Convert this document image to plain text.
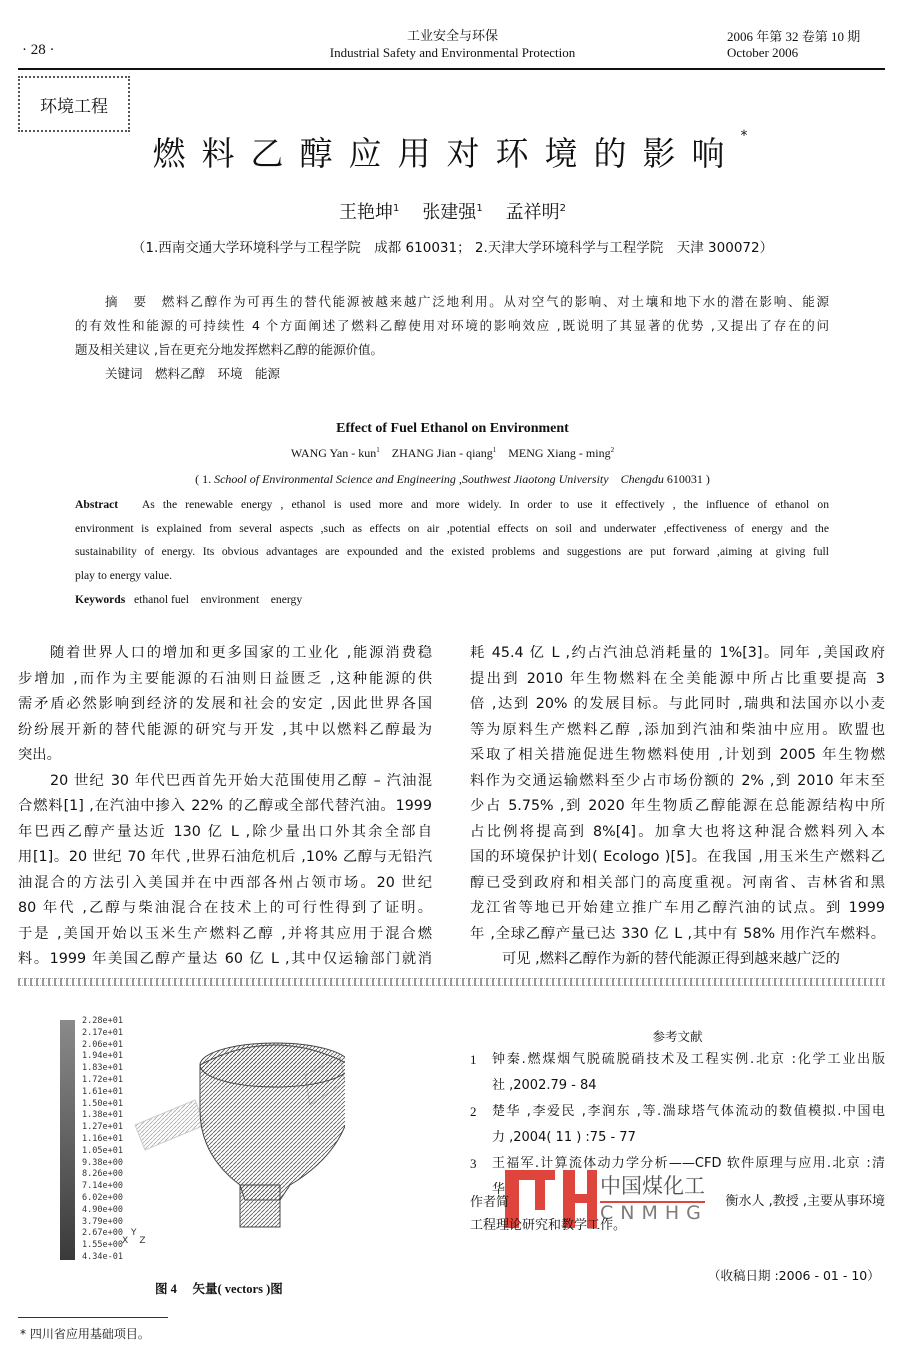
· 28 ·
工业安全与环保
Industrial Safety and Environmental Protection
2006 年第 32 卷第 10 期
October 2006
环境工程
燃料乙醇应用对环境的影响*
王艳坤$^1$ 张建强$^1$ 孟祥明$^2$
（1.西南交通大学环境科学与工程学院　成都 610031； 2.天津大学环境科学与工程学院　天津 300072）
摘　要　 燃料乙醇作为可再生的替代能源被越来越广泛地利用。从对空气的影响、对土壤和地下水的潜在影响、能源
的有效性和能源的可持续性 4 个方面阐述了燃料乙醇使用对环境的影响效应 ,既说明了其显著的优势 ,又提出了存在的问
题及相关建议 ,旨在更充分地发挥燃料乙醇的能源价值。
关键词　 燃料乙醇　环境　能源
Effect of Fuel Ethanol on Environment
WANG Yan - kun$^1$ ZHANG Jian - qiang$^1$ MENG Xiang - ming$^2$
( 1. School of Environmental Science and Engineering ,Southwest Jiaotong University　Chengdu 610031 )
Abstract As the renewable energy , ethanol is used more and more widely. In order to use it effectively , the influence of ethanol on
environment is explained from several aspects ,such as effects on air ,potential effects on soil and underwater ,effectiveness of energy and the
sustainability of energy. Its obvious advantages are expounded and the existed problems and suggestions are put forward ,aiming at giving full
play to energy value.
Keywords ethanol fuel　environment　energy
X Y Z
图 4　 矢量( vectors )图
参考文献
中国煤化工
CNMHG
作者简	衡水人 ,教授 ,主要从事环境
工程理论研究和教学工作。
（收稿日期 :2006 - 01 - 10）
* 四川省应用基础项目。
随着世界人口的增加和更多国家的工业化 ,能源消费稳
步增加 ,而作为主要能源的石油则日益匮乏 ,这种能源的供
需矛盾必然影响到经济的发展和社会的安定 ,因此世界各国
纷纷展开新的替代能源的研究与开发 ,其中以燃料乙醇最为
突出。
20 世纪 30 年代巴西首先开始大范围使用乙醇 – 汽油混
合燃料[1] ,在汽油中掺入 22% 的乙醇或全部代替汽油。1999
年巴西乙醇产量达近 130 亿 L ,除少量出口外其余全部自
用[1]。20 世纪 70 年代 ,世界石油危机后 ,10% 乙醇与无铅汽
油混合的方法引入美国并在中西部各州占领市场。20 世纪
80 年代 ,乙醇与柴油混合在技术上的可行性得到了证明。
于是 ,美国开始以玉米生产燃料乙醇 ,并将其应用于混合燃
料。1999 年美国乙醇产量达 60 亿 L ,其中仅运输部门就消
耗 45.4 亿 L ,约占汽油总消耗量的 1%[3]。同年 ,美国政府
提出到 2010 年生物燃料在全美能源中所占比重要提高 3
倍 ,达到 20% 的发展目标。与此同时 ,瑞典和法国亦以小麦
等为原料生产燃料乙醇 ,添加到汽油和柴油中应用。欧盟也
采取了相关措施促进生物燃料使用 ,计划到 2005 年生物燃
料作为交通运输燃料至少占市场份额的 2% ,到 2010 年末至
少占 5.75% ,到 2020 年生物质乙醇能源在总能源结构中所
占比例将提高到 8%[4]。加拿大也将这种混合燃料列入本
国的环境保护计划( Ecologo )[5]。在我国 ,用玉米生产燃料乙
醇已受到政府和相关部门的高度重视。河南省、吉林省和黑
龙江省等地已开始建立推广车用乙醇汽油的试点。到 1999
年 ,全球乙醇产量已达 330 亿 L ,其中有 58% 用作汽车燃料。
可见 ,燃料乙醇作为新的替代能源正得到越来越广泛的
2.28e+01
2.17e+01
2.06e+01
1.94e+01
1.83e+01
1.72e+01
1.61e+01
1.50e+01
1.38e+01
1.27e+01
1.16e+01
1.05e+01
9.38e+00
8.26e+00
7.14e+00
6.02e+00
4.90e+00
3.79e+00
2.67e+00
1.55e+00
4.34e-01
1 钟秦.燃煤烟气脱硫脱硝技术及工程实例.北京 :化学工业出版
社 ,2002.79 - 84
2 楚华 ,李爱民 ,李润东 ,等.湍球塔气体流动的数值模拟.中国电
力 ,2004( 11 ) :75 - 77
3 王福军.计算流体动力学分析——CFD 软件原理与应用.北京 :清
华
